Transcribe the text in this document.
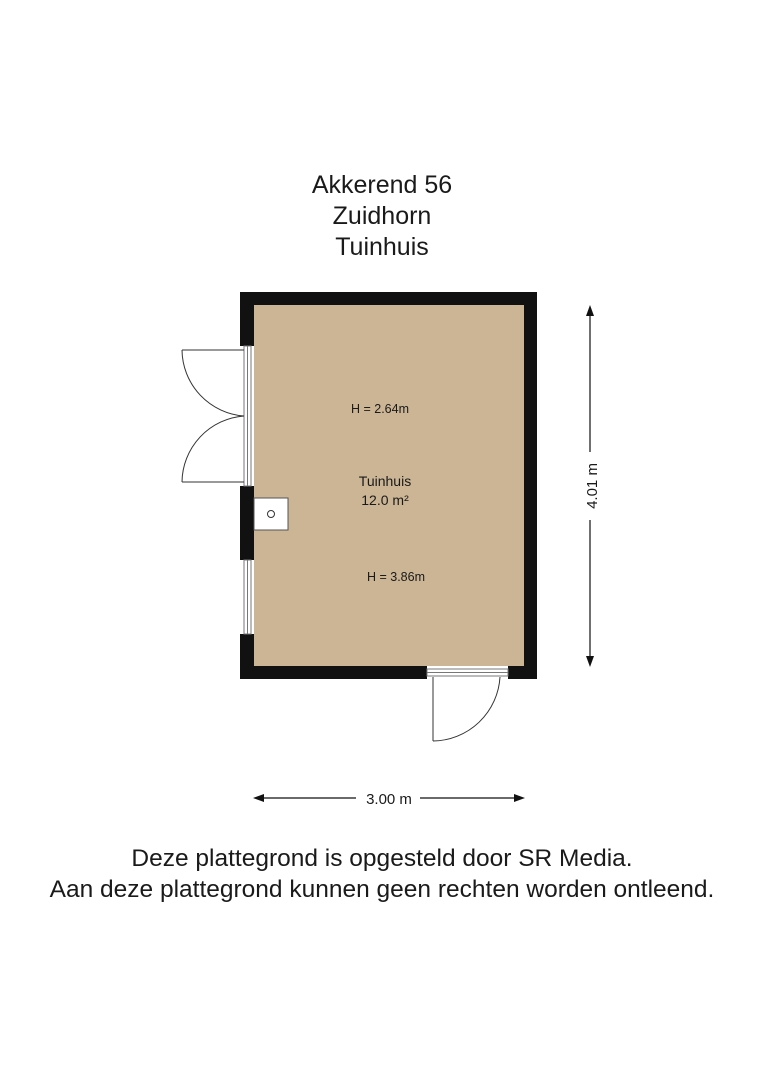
Akkerend 56
Zuidhorn
Tuinhuis
H = 2.64m
Tuinhuis
12.0 m²
H = 3.86m
4.01 m
3.00 m
Deze plattegrond is opgesteld door SR Media.
Aan deze plattegrond kunnen geen rechten worden ontleend.
